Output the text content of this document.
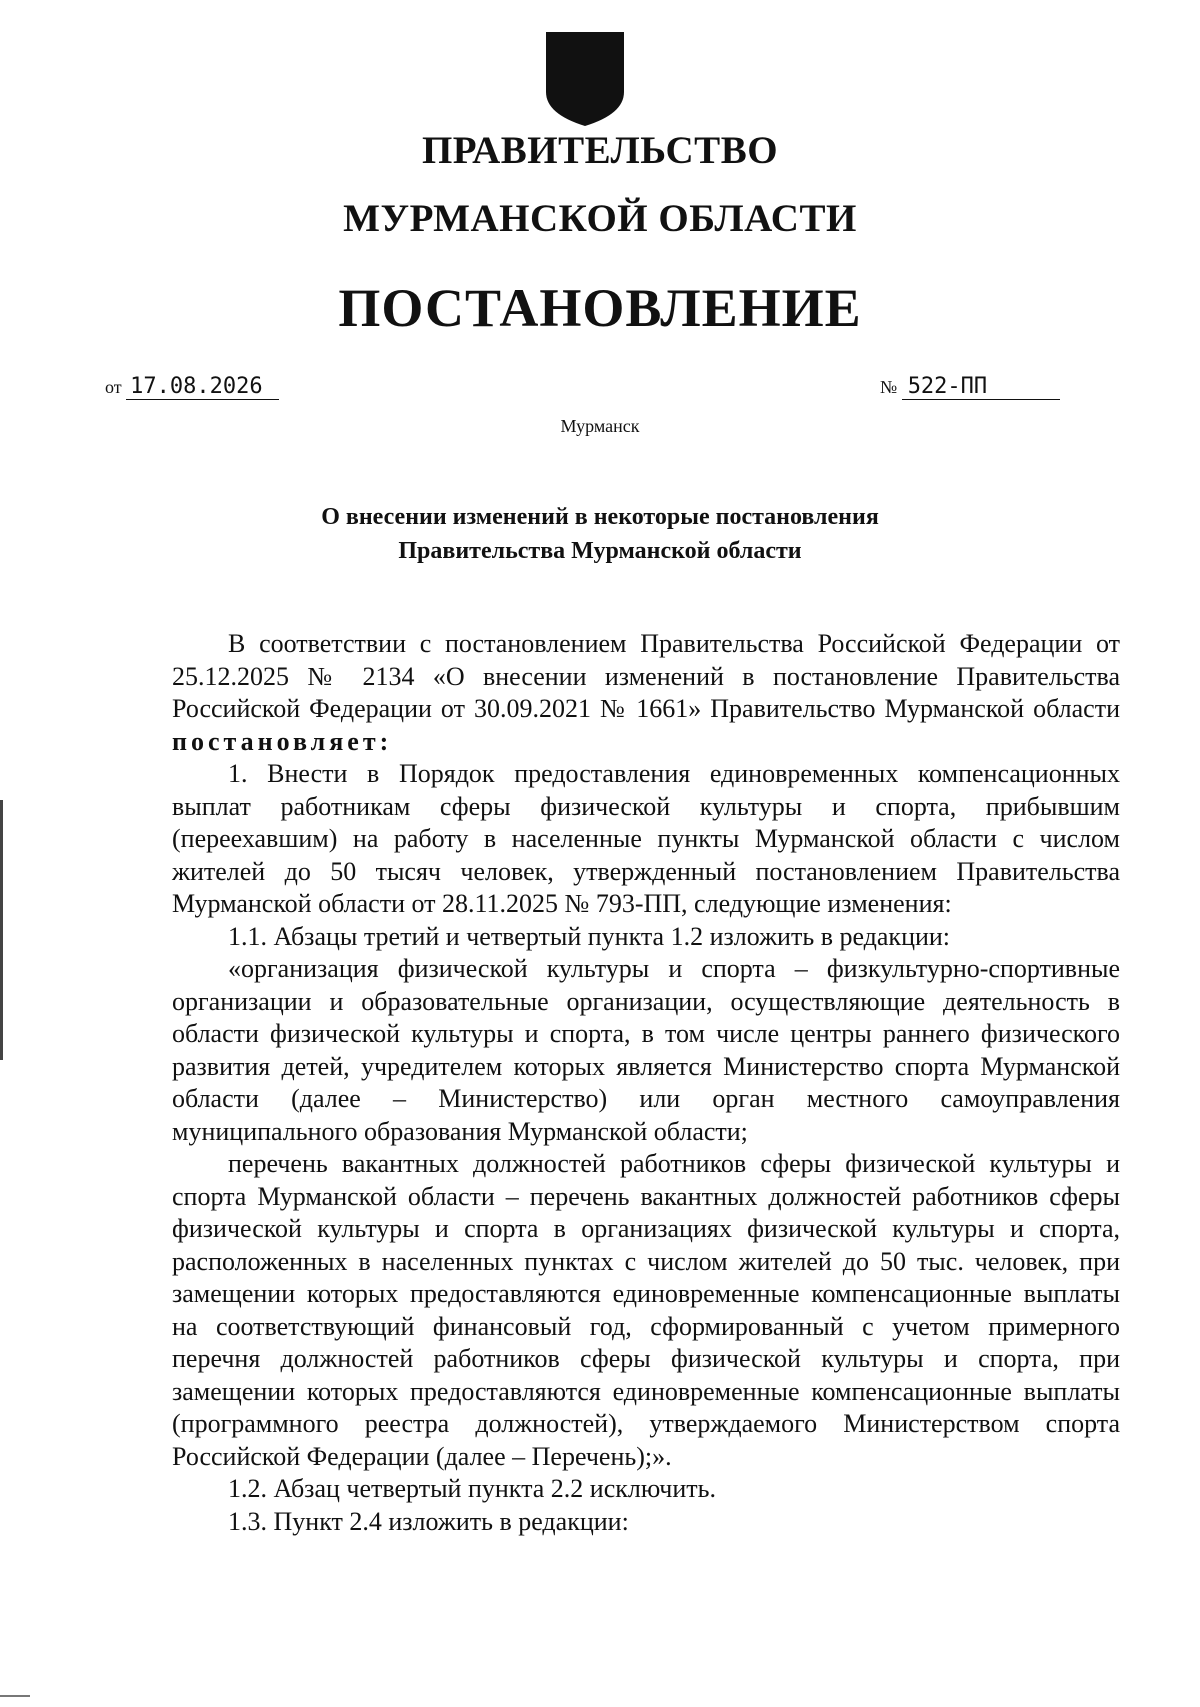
ПРАВИТЕЛЬСТВО
МУРМАНСКОЙ ОБЛАСТИ
ПОСТАНОВЛЕНИЕ
от 17.08.2026	№ 522-ПП
Мурманск
О внесении изменений в некоторые постановления
Правительства Мурманской области

В соответствии с постановлением Правительства Российской Федерации от 25.12.2025 № 2134 «О внесении изменений в постановление Правительства Российской Федерации от 30.09.2021 № 1661» Правительство Мурманской области постановляет:

1. Внести в Порядок предоставления единовременных компенсационных выплат работникам сферы физической культуры и спорта, прибывшим (переехавшим) на работу в населенные пункты Мурманской области с числом жителей до 50 тысяч человек, утвержденный постановлением Правительства Мурманской области от 28.11.2025 № 793-ПП, следующие изменения:

1.1. Абзацы третий и четвертый пункта 1.2 изложить в редакции:

«организация физической культуры и спорта – физкультурно-спортивные организации и образовательные организации, осуществляющие деятельность в области физической культуры и спорта, в том числе центры раннего физического развития детей, учредителем которых является Министерство спорта Мурманской области (далее – Министерство) или орган местного самоуправления муниципального образования Мурманской области;

перечень вакантных должностей работников сферы физической культуры и спорта Мурманской области – перечень вакантных должностей работников сферы физической культуры и спорта в организациях физической культуры и спорта, расположенных в населенных пунктах с числом жителей до 50 тыс. человек, при замещении которых предоставляются единовременные компенсационные выплаты на соответствующий финансовый год, сформированный с учетом примерного перечня должностей работников сферы физической культуры и спорта, при замещении которых предоставляются единовременные компенсационные выплаты (программного реестра должностей), утверждаемого Министерством спорта Российской Федерации (далее – Перечень);».

1.2. Абзац четвертый пункта 2.2 исключить.

1.3. Пункт 2.4 изложить в редакции:
